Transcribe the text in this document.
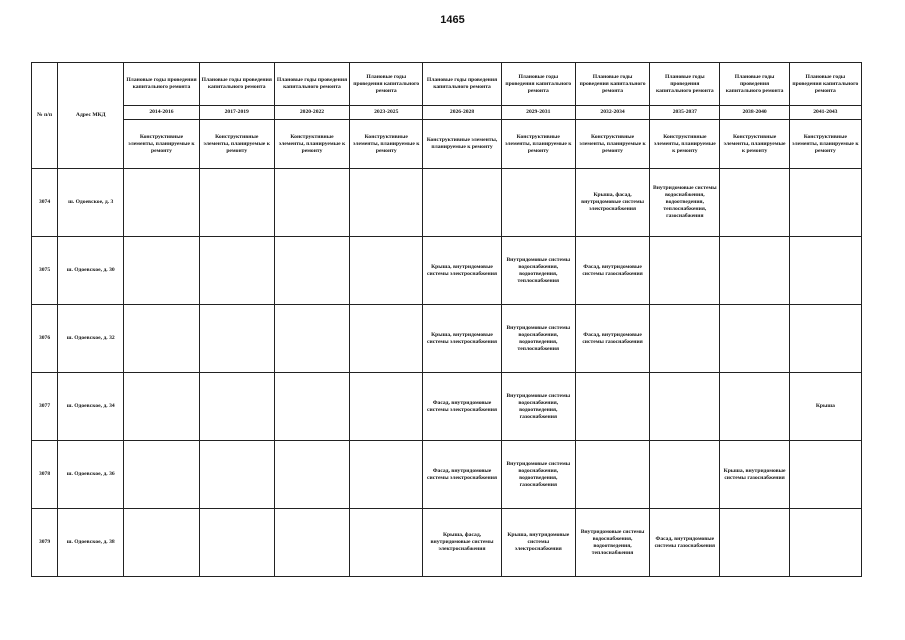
1465
№ п/п	Адрес МКД	Плановые годы проведения капитального ремонта	Плановые годы проведения капитального ремонта	Плановые годы проведения капитального ремонта	Плановые годы проведения капитального ремонта	Плановые годы проведения капитального ремонта	Плановые годы проведения капитального ремонта	Плановые годы проведения капитального ремонта	Плановые годы проведения капитального ремонта	Плановые годы проведения капитального ремонта	Плановые годы проведения капитального ремонта
		2014-2016	2017-2019	2020-2022	2023-2025	2026-2028	2029-2031	2032-2034	2035-2037	2038-2040	2041-2043
		Конструктивные элементы, планируемые к ремонту	Конструктивные элементы, планируемые к ремонту	Конструктивные элементы, планируемые к ремонту	Конструктивные элементы, планируемые к ремонту	Конструктивные элементы, планируемые к ремонту	Конструктивные элементы, планируемые к ремонту	Конструктивные элементы, планируемые к ремонту	Конструктивные элементы, планируемые к ремонту	Конструктивные элементы, планируемые к ремонту	Конструктивные элементы, планируемые к ремонту
3074	ш. Одоевское, д. 3							Крыша, фасад, внутридомовые системы электроснабжения	Внутридомовые системы водоснабжения, водоотведения, теплоснабжения, газоснабжения		
3075	ш. Одоевское, д. 30					Крыша, внутридомовые системы электроснабжения	Внутридомовые системы водоснабжения, водоотведения, теплоснабжения	Фасад, внутридомовые системы газоснабжения			
3076	ш. Одоевское, д. 32					Крыша, внутридомовые системы электроснабжения	Внутридомовые системы водоснабжения, водоотведения, теплоснабжения	Фасад, внутридомовые системы газоснабжения			
3077	ш. Одоевское, д. 34					Фасад, внутридомовые системы электроснабжения	Внутридомовые системы водоснабжения, водоотведения, газоснабжения				Крыша
3078	ш. Одоевское, д. 36					Фасад, внутридомовые системы электроснабжения	Внутридомовые системы водоснабжения, водоотведения, газоснабжения			Крыша, внутридомовые системы газоснабжения	
3079	ш. Одоевское, д. 38					Крыша, фасад, внутридомовые системы электроснабжения	Крыша, внутридомовые системы электроснабжения	Внутридомовые системы водоснабжения, водоотведения, теплоснабжения	Фасад, внутридомовые системы газоснабжения		
